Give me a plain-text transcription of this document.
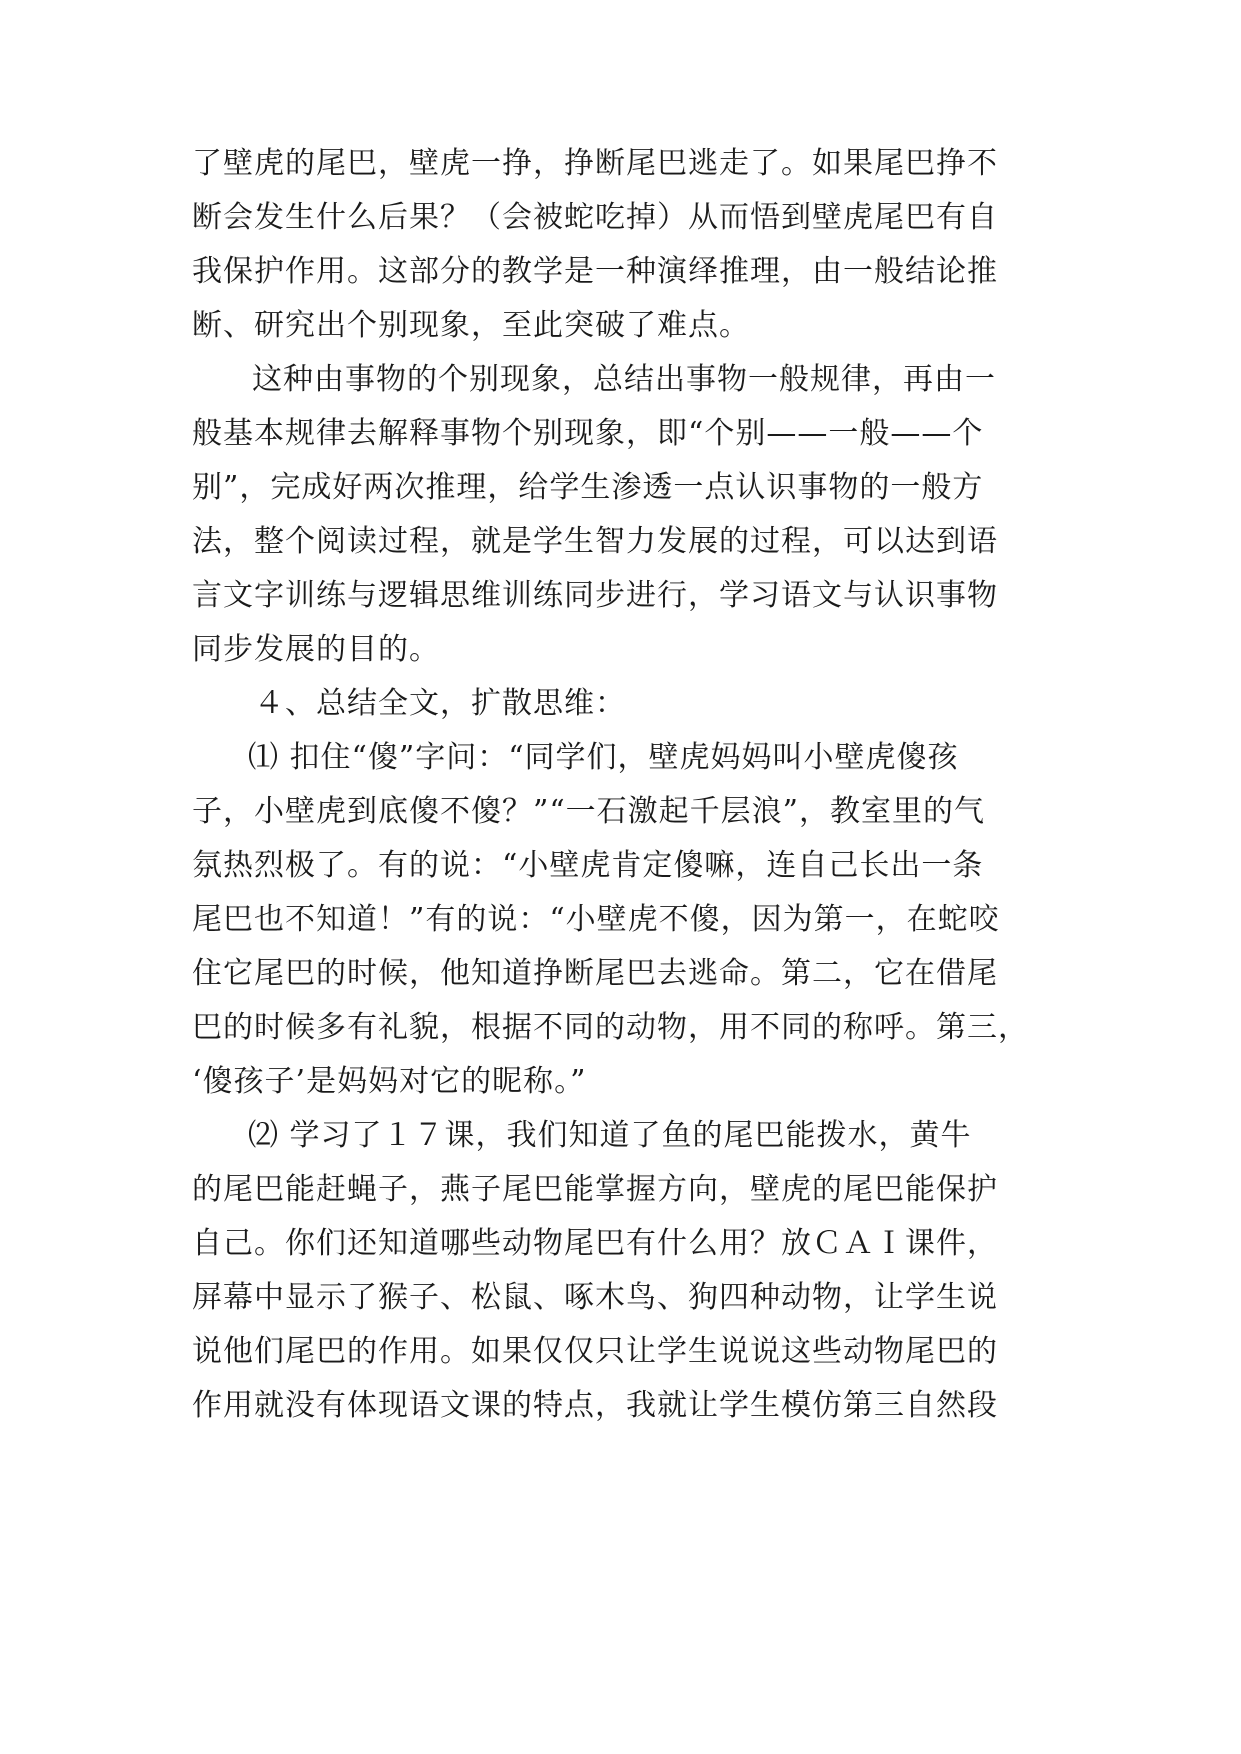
了壁虎的尾巴，壁虎一挣，挣断尾巴逃走了。如果尾巴挣不
断会发生什么后果？（会被蛇吃掉）从而悟到壁虎尾巴有自
我保护作用。这部分的教学是一种演绎推理，由一般结论推
断、研究出个别现象，至此突破了难点。
这种由事物的个别现象，总结出事物一般规律，再由一
般基本规律去解释事物个别现象，即“个别——一般——个
别”，完成好两次推理，给学生渗透一点认识事物的一般方
法，整个阅读过程，就是学生智力发展的过程，可以达到语
言文字训练与逻辑思维训练同步进行，学习语文与认识事物
同步发展的目的。
４、总结全文，扩散思维：
⑴ 扣住“傻”字问：“同学们，壁虎妈妈叫小壁虎傻孩
子，小壁虎到底傻不傻？”“一石激起千层浪”，教室里的气
氛热烈极了。有的说：“小壁虎肯定傻嘛，连自己长出一条
尾巴也不知道！”有的说：“小壁虎不傻，因为第一，在蛇咬
住它尾巴的时候，他知道挣断尾巴去逃命。第二，它在借尾
巴的时候多有礼貌，根据不同的动物，用不同的称呼。第三，
‘傻孩子’是妈妈对它的昵称。”
⑵ 学习了１７课，我们知道了鱼的尾巴能拨水，黄牛
的尾巴能赶蝇子，燕子尾巴能掌握方向，壁虎的尾巴能保护
自己。你们还知道哪些动物尾巴有什么用？放ＣＡＩ课件，
屏幕中显示了猴子、松鼠、啄木鸟、狗四种动物，让学生说
说他们尾巴的作用。如果仅仅只让学生说说这些动物尾巴的
作用就没有体现语文课的特点，我就让学生模仿第三自然段
